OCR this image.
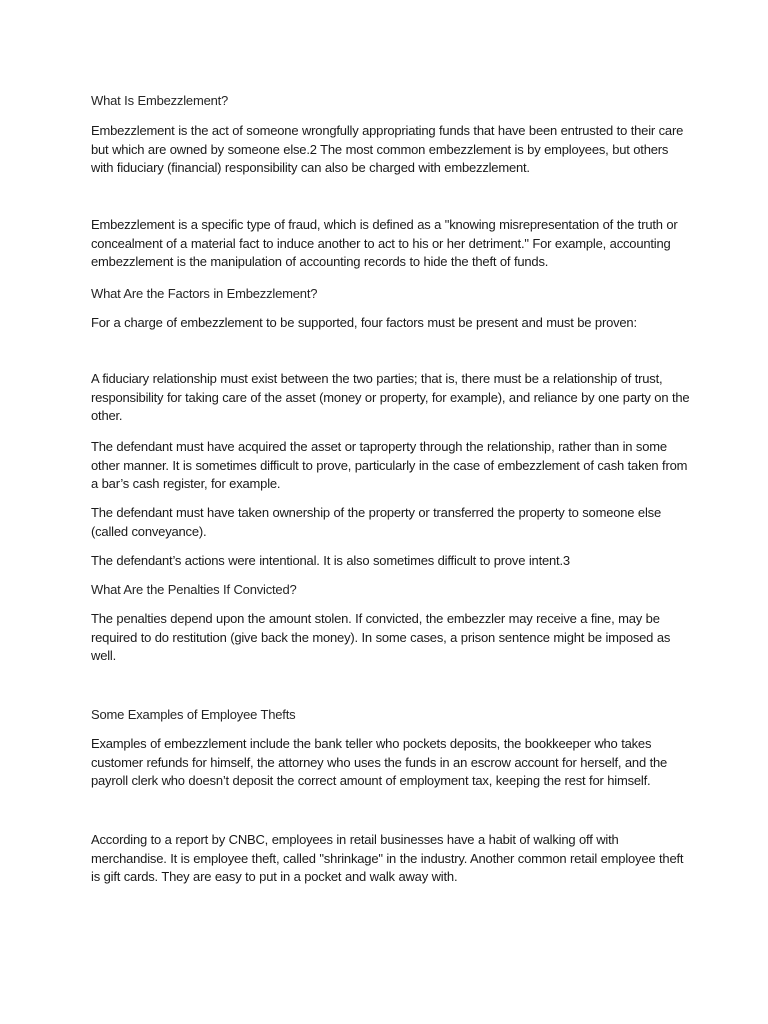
What Is Embezzlement?

Embezzlement is the act of someone wrongfully appropriating funds that have been entrusted to their care but which are owned by someone else.2 The most common embezzlement is by employees, but others with fiduciary (financial) responsibility can also be charged with embezzlement.

Embezzlement is a specific type of fraud, which is defined as a "knowing misrepresentation of the truth or concealment of a material fact to induce another to act to his or her detriment." For example, accounting embezzlement is the manipulation of accounting records to hide the theft of funds.

What Are the Factors in Embezzlement?

For a charge of embezzlement to be supported, four factors must be present and must be proven:

A fiduciary relationship must exist between the two parties; that is, there must be a relationship of trust, responsibility for taking care of the asset (money or property, for example), and reliance by one party on the other.

The defendant must have acquired the asset or taproperty through the relationship, rather than in some other manner. It is sometimes difficult to prove, particularly in the case of embezzlement of cash taken from a bar’s cash register, for example.

The defendant must have taken ownership of the property or transferred the property to someone else (called conveyance).

The defendant’s actions were intentional. It is also sometimes difficult to prove intent.3

What Are the Penalties If Convicted?

The penalties depend upon the amount stolen. If convicted, the embezzler may receive a fine, may be required to do restitution (give back the money). In some cases, a prison sentence might be imposed as well.

Some Examples of Employee Thefts

Examples of embezzlement include the bank teller who pockets deposits, the bookkeeper who takes customer refunds for himself, the attorney who uses the funds in an escrow account for herself, and the payroll clerk who doesn’t deposit the correct amount of employment tax, keeping the rest for himself.

According to a report by CNBC, employees in retail businesses have a habit of walking off with merchandise. It is employee theft, called "shrinkage" in the industry. Another common retail employee theft is gift cards. They are easy to put in a pocket and walk away with.
